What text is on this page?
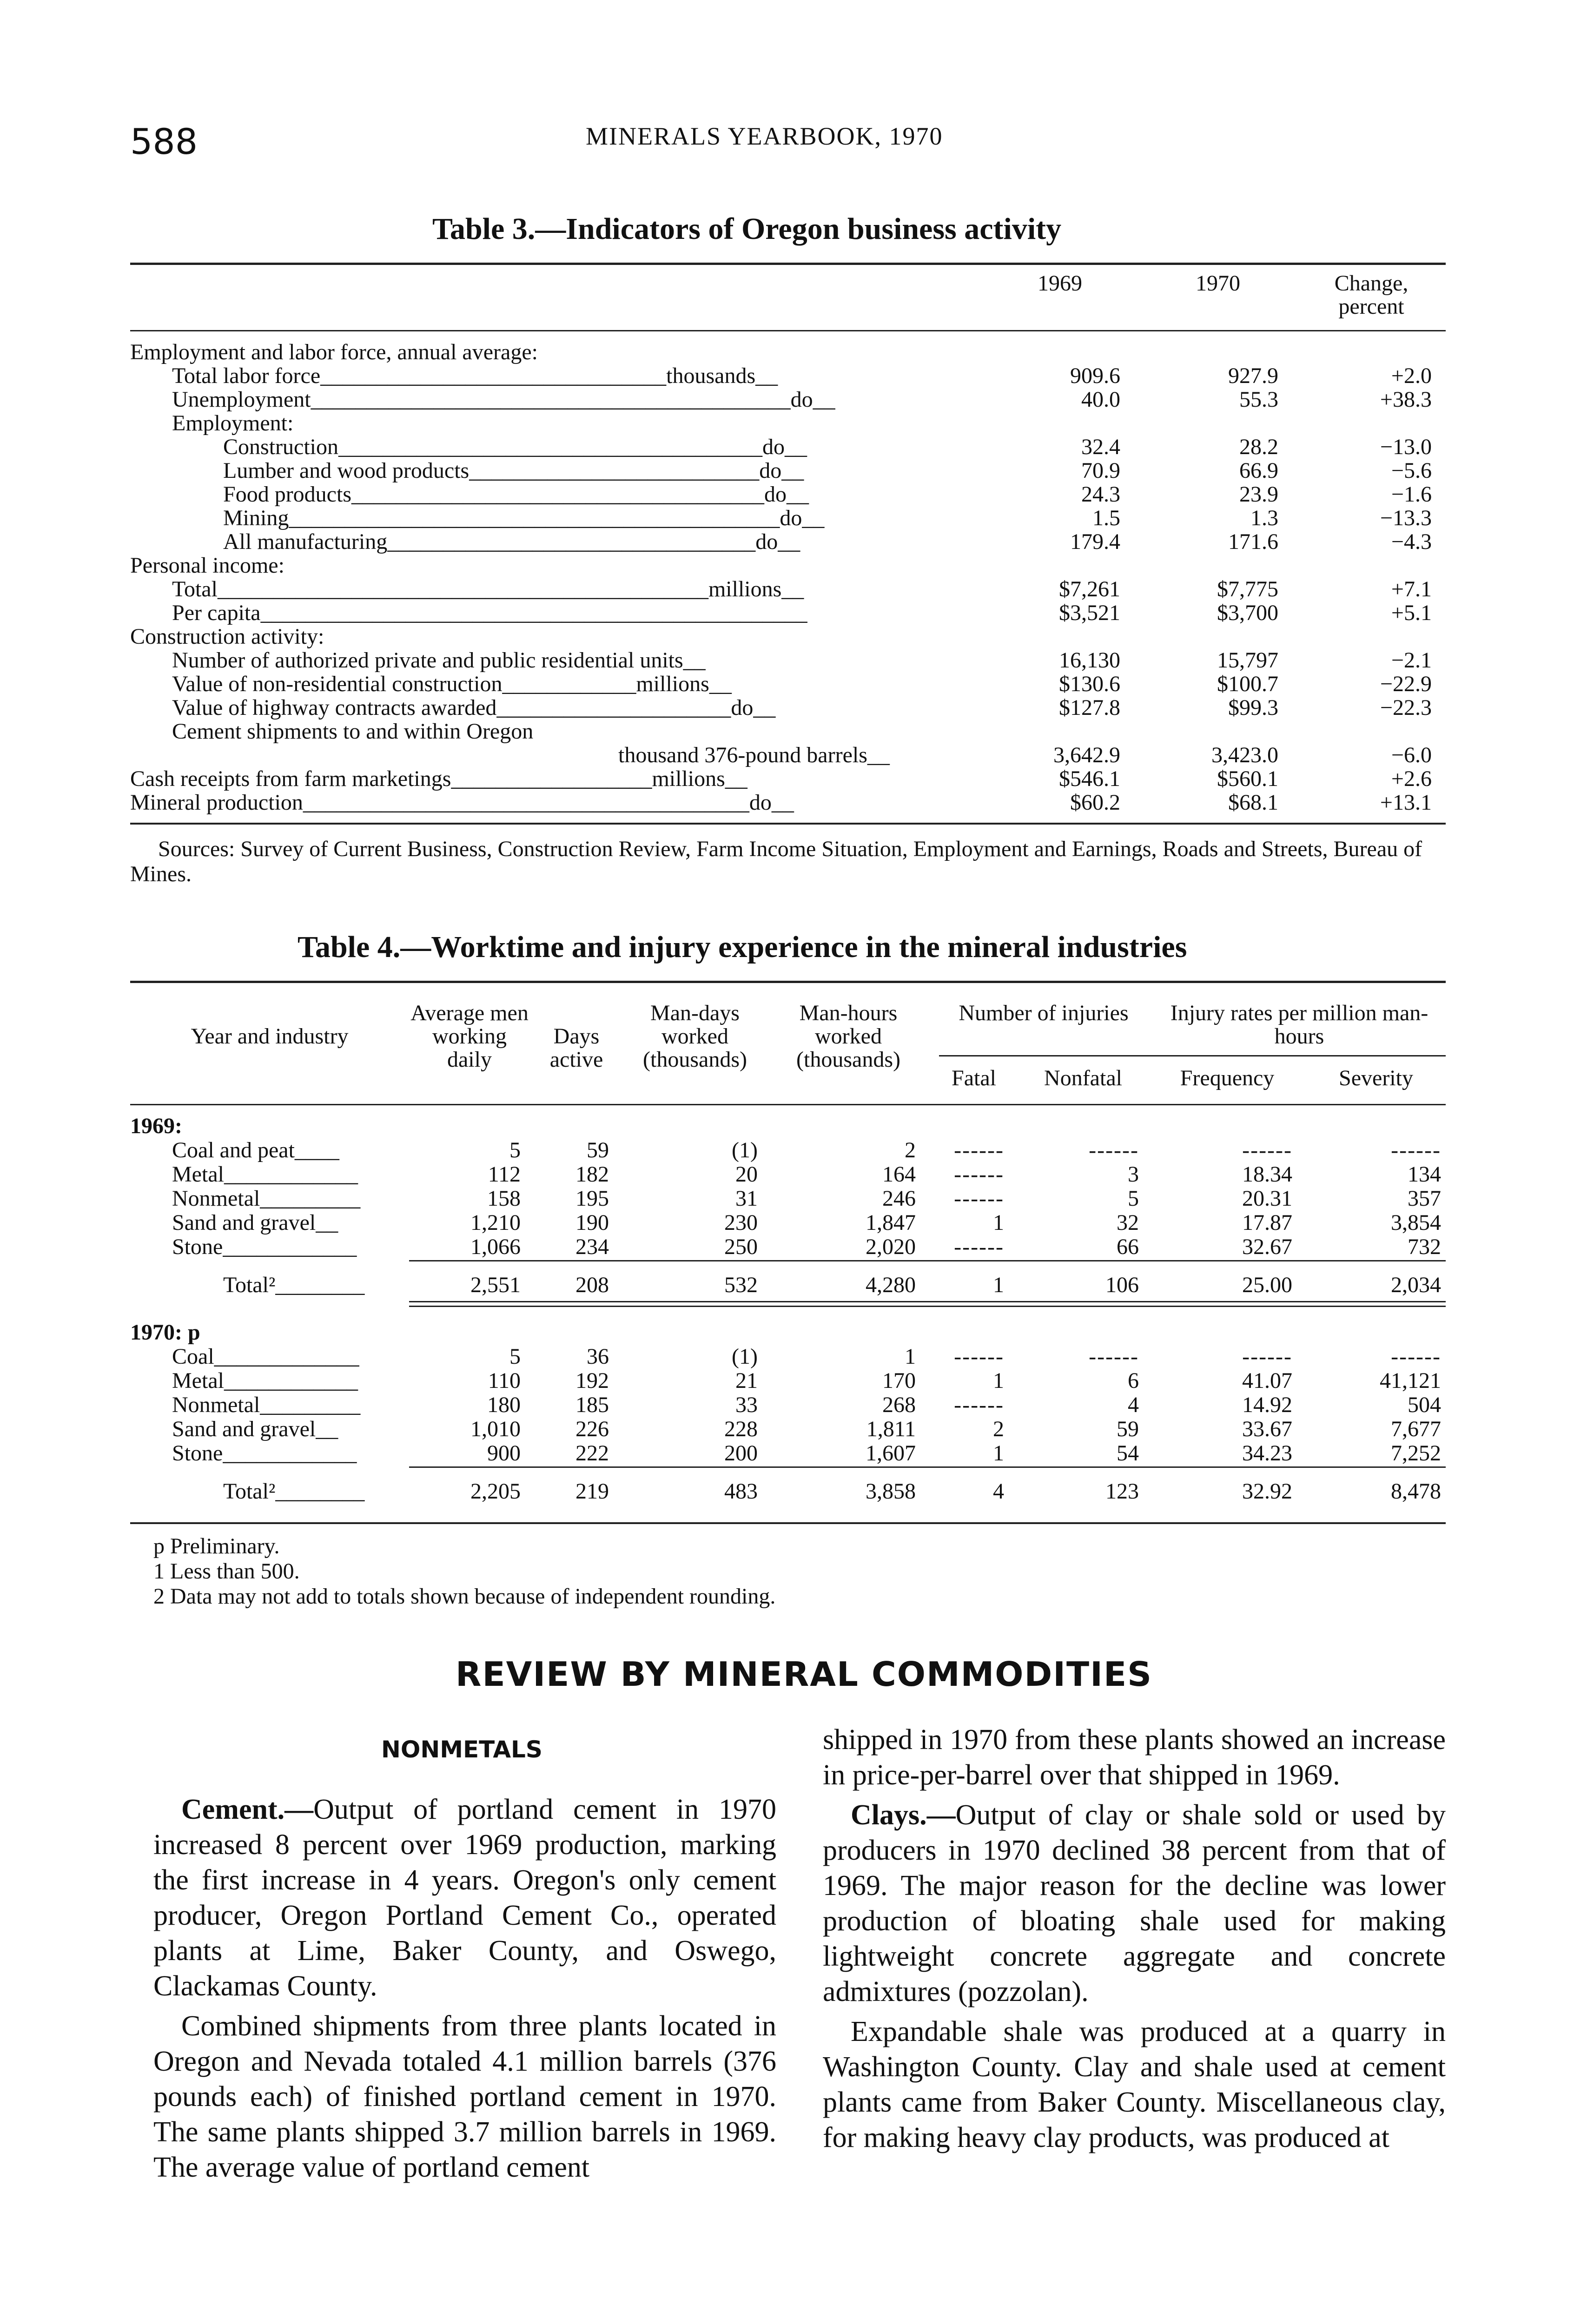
588	MINERALS YEARBOOK, 1970
Table 3.—Indicators of Oregon business activity
1969	1970	Change, percent
Employment and labor force, annual average:
Total labor force_______________________________thousands__	909.6	927.9	+2.0
Unemployment___________________________________________do__	40.0	55.3	+38.3
Employment:
Construction______________________________________do__	32.4	28.2	−13.0
Lumber and wood products__________________________do__	70.9	66.9	−5.6
Food products_____________________________________do__	24.3	23.9	−1.6
Mining____________________________________________do__	1.5	1.3	−13.3
All manufacturing_________________________________do__	179.4	171.6	−4.3
Personal income:
Total____________________________________________millions__	$7,261	$7,775	+7.1
Per capita_________________________________________________	$3,521	$3,700	+5.1
Construction activity:
Number of authorized private and public residential units__	16,130	15,797	−2.1
Value of non-residential construction____________millions__	$130.6	$100.7	−22.9
Value of highway contracts awarded_____________________do__	$127.8	$99.3	−22.3
Cement shipments to and within Oregon
thousand 376-pound barrels__	3,642.9	3,423.0	−6.0
Cash receipts from farm marketings__________________millions__	$546.1	$560.1	+2.6
Mineral production________________________________________do__	$60.2	$68.1	+13.1
Sources: Survey of Current Business, Construction Review, Farm Income Situation, Employment and Earnings, Roads and Streets, Bureau of Mines.
Table 4.—Worktime and injury experience in the mineral industries
Year and industry
Average men working daily
Days active
Man-days worked (thousands)
Man-hours worked (thousands)
Number of injuries	Injury rates per million man-hours
Fatal	Nonfatal	Frequency	Severity
1969:
Coal and peat____	5	59	(1)	2	------	------	------	------
Metal____________	112	182	20	164	------	3	18.34	134
Nonmetal_________	158	195	31	246	------	5	20.31	357
Sand and gravel__	1,210	190	230	1,847	1	32	17.87	3,854
Stone____________	1,066	234	250	2,020	------	66	32.67	732
Total²________	2,551	208	532	4,280	1	106	25.00	2,034
1970: p
Coal_____________	5	36	(1)	1	------	------	------	------
Metal____________	110	192	21	170	1	6	41.07	41,121
Nonmetal_________	180	185	33	268	------	4	14.92	504
Sand and gravel__	1,010	226	228	1,811	2	59	33.67	7,677
Stone____________	900	222	200	1,607	1	54	34.23	7,252
Total²________	2,205	219	483	3,858	4	123	32.92	8,478
p Preliminary.
1 Less than 500.
2 Data may not add to totals shown because of independent rounding.
REVIEW BY MINERAL COMMODITIES
NONMETALS

Cement.—Output of portland cement in 1970 increased 8 percent over 1969 production, marking the first increase in 4 years. Oregon's only cement producer, Oregon Portland Cement Co., operated plants at Lime, Baker County, and Oswego, Clackamas County.

Combined shipments from three plants located in Oregon and Nevada totaled 4.1 million barrels (376 pounds each) of finished portland cement in 1970. The same plants shipped 3.7 million barrels in 1969. The average value of portland cement

shipped in 1970 from these plants showed an increase in price-per-barrel over that shipped in 1969.

Clays.—Output of clay or shale sold or used by producers in 1970 declined 38 percent from that of 1969. The major reason for the decline was lower production of bloating shale used for making lightweight concrete aggregate and concrete admixtures (pozzolan).

Expandable shale was produced at a quarry in Washington County. Clay and shale used at cement plants came from Baker County. Miscellaneous clay, for making heavy clay products, was produced at
